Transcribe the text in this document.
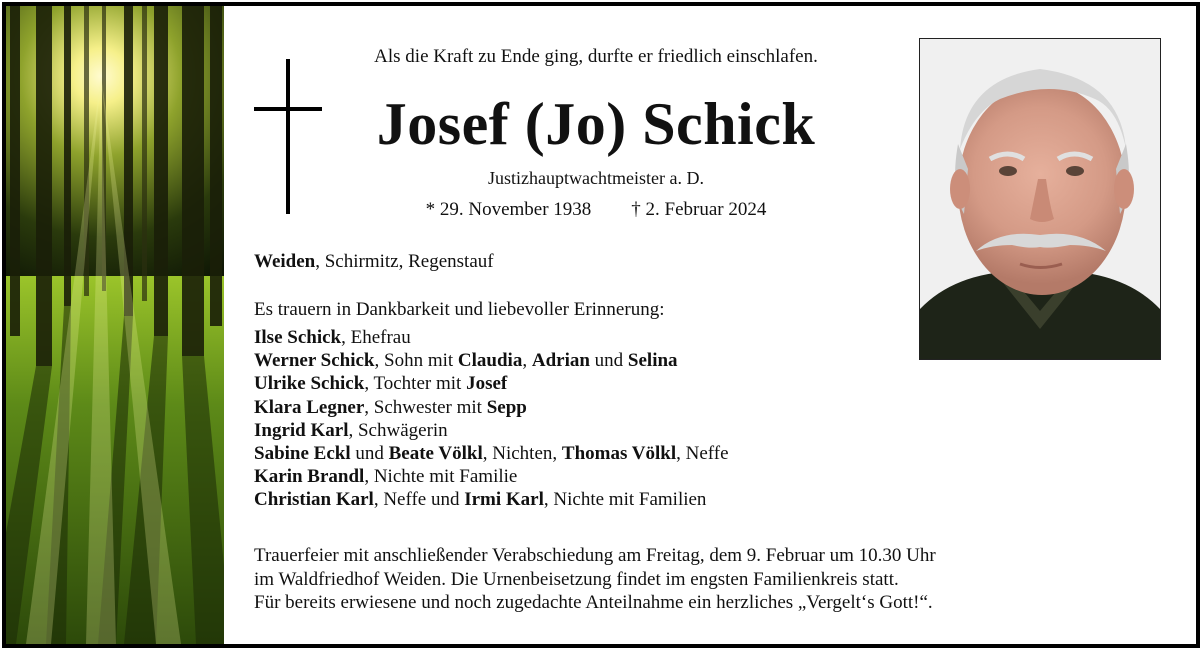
Als die Kraft zu Ende ging, durfte er friedlich einschlafen.
Josef (Jo) Schick
Justizhauptwachtmeister a. D.
* 29. November 1938 † 2. Februar 2024
Weiden, Schirmitz, Regenstauf
Es trauern in Dankbarkeit und liebevoller Erinnerung:
Ilse Schick, Ehefrau
Werner Schick, Sohn mit Claudia, Adrian und Selina
Ulrike Schick, Tochter mit Josef
Klara Legner, Schwester mit Sepp
Ingrid Karl, Schwägerin
Sabine Eckl und Beate Völkl, Nichten, Thomas Völkl, Neffe
Karin Brandl, Nichte mit Familie
Christian Karl, Neffe und Irmi Karl, Nichte mit Familien
Trauerfeier mit anschließender Verabschiedung am Freitag, dem 9. Februar um 10.30 Uhr
im Waldfriedhof Weiden. Die Urnenbeisetzung findet im engsten Familienkreis statt.
Für bereits erwiesene und noch zugedachte Anteilnahme ein herzliches „Vergelt‘s Gott!“.
